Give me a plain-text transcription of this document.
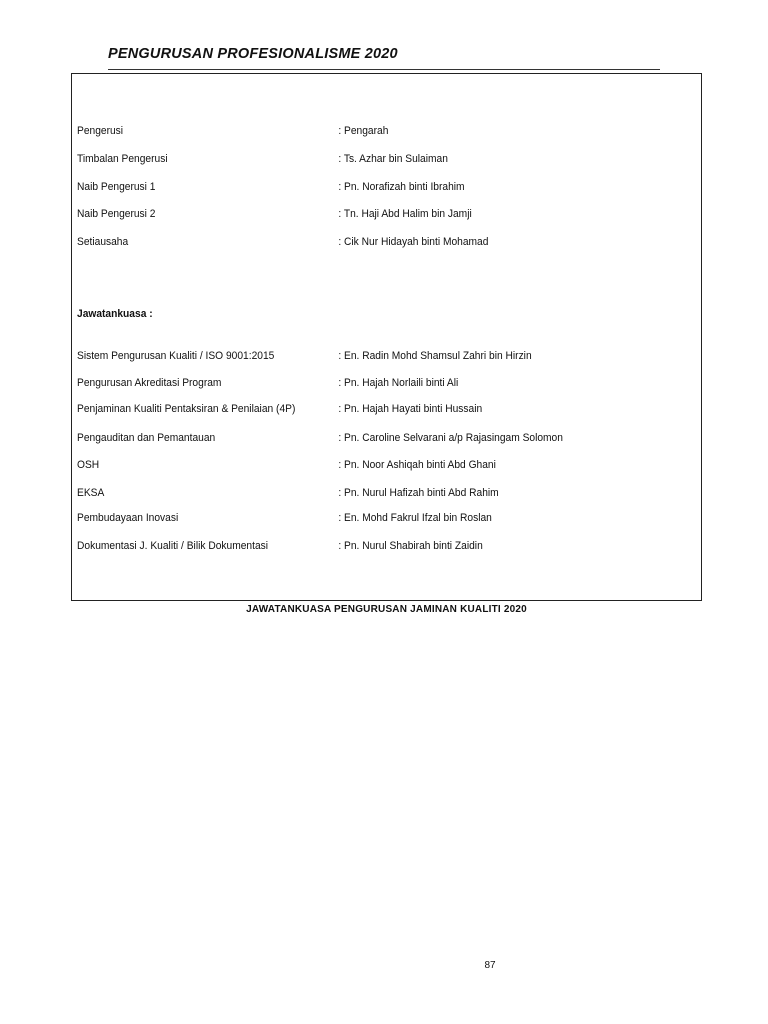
PENGURUSAN PROFESIONALISME 2020
Pengerusi	: Pengarah
Timbalan Pengerusi	: Ts. Azhar bin Sulaiman
Naib Pengerusi 1	: Pn. Norafizah binti Ibrahim
Naib Pengerusi 2	: Tn. Haji Abd Halim bin Jamji
Setiausaha	: Cik Nur Hidayah binti Mohamad
Jawatankuasa :
Sistem Pengurusan Kualiti / ISO 9001:2015	: En. Radin Mohd Shamsul Zahri bin Hirzin
Pengurusan Akreditasi Program	: Pn. Hajah Norlaili binti Ali
Penjaminan Kualiti Pentaksiran & Penilaian (4P)	: Pn. Hajah Hayati binti Hussain
Pengauditan dan Pemantauan	: Pn. Caroline Selvarani a/p Rajasingam Solomon
OSH	: Pn. Noor Ashiqah binti Abd Ghani
EKSA	: Pn. Nurul Hafizah binti Abd Rahim
Pembudayaan Inovasi	: En. Mohd Fakrul Ifzal bin Roslan
Dokumentasi J. Kualiti / Bilik Dokumentasi	: Pn. Nurul Shabirah binti Zaidin
JAWATANKUASA PENGURUSAN JAMINAN KUALITI 2020
87
